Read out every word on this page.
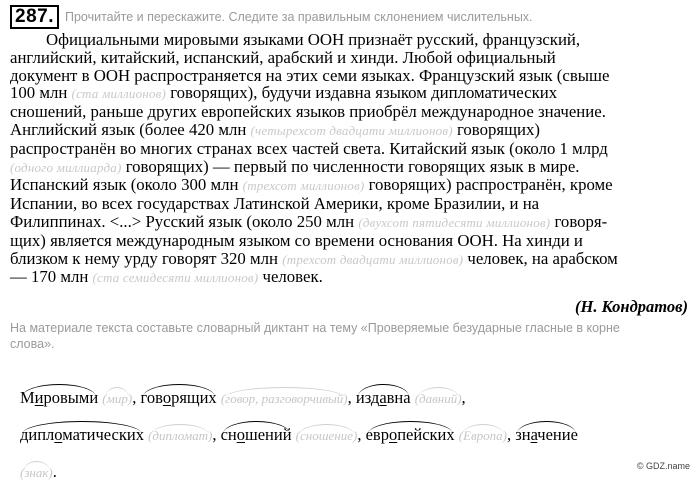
287. Прочитайте и перескажите. Следите за правильным склонением числительных.
Официальными мировыми языками ООН признаёт русский, французский,
английский, китайский, испанский, арабский и хинди. Любой официальный
документ в ООН распространяется на этих семи языках. Французский язык (свыше
100 млн (ста миллионов) говорящих), будучи издавна языком дипломатических
сношений, раньше других европейских языков приобрёл международное значение.
Английский язык (более 420 млн (четырехсот двадцати миллионов) говорящих)
распространён во многих странах всех частей света. Китайский язык (около 1 млрд
(одного миллиарда) говорящих) — первый по численности говорящих язык в мире.
Испанский язык (около 300 млн (трехсот миллионов) говорящих) распространён, кроме
Испании, во всех государствах Латинской Америки, кроме Бразилии, и на
Филиппинах. <...> Русский язык (около 250 млн (двухсот пятидесяти миллионов) говоря-
щих) является международным языком со времени основания ООН. На хинди и
близком к нему урду говорят 320 млн (трехсот двадцати миллионов) человек, на арабском
— 170 млн (ста семидесяти миллионов) человек.
(Н. Кондратов)
На материале текста составьте словарный диктант на тему «Проверяемые безударные гласные в корне слова».
Мировыми (мир), говорящих (говор, разговорчивый), издавна (давний),
дипломатических (дипломат), сношений (сношение), европейских (Европа), значение
(знак).	© GDZ.name
